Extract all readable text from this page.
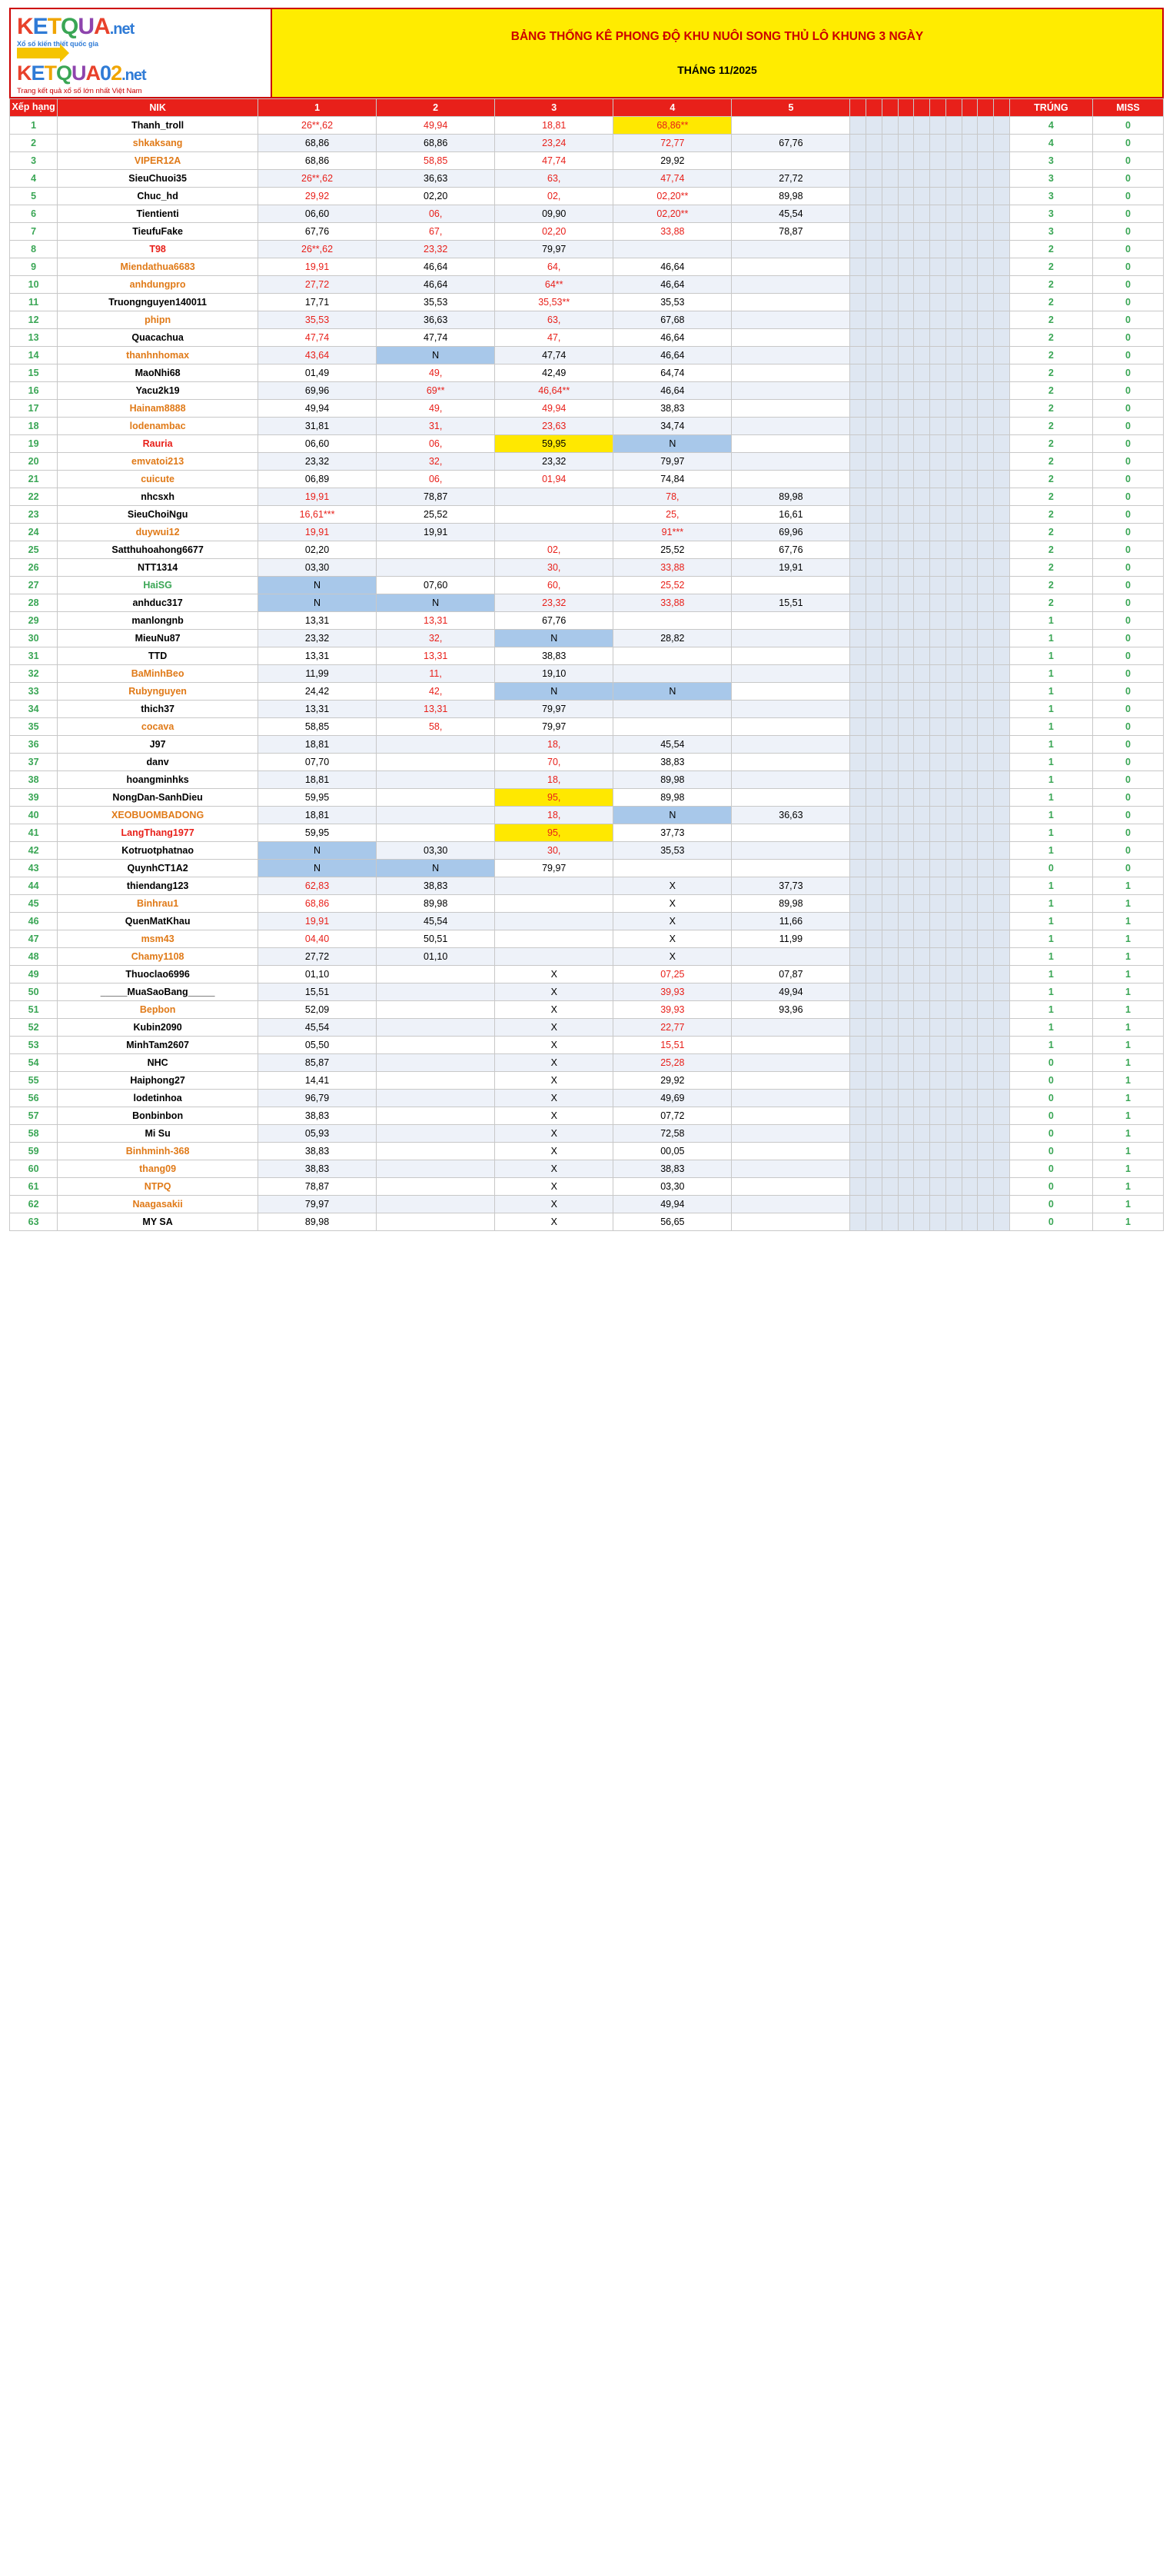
KETQUA.net
Xổ số kiến thiết quốc gia
KETQUA02.net
Trang kết quả xổ số lớn nhất Việt Nam
BẢNG THỐNG KÊ PHONG ĐỘ KHU NUÔI SONG THỦ LÔ KHUNG 3 NGÀY
THÁNG 11/2025
Xếp hạng	NIK	1	2	3	4	5											TRÚNG	MISS
1	Thanh_troll	26**,62	49,94	18,81	68,86**												4	0
2	shkaksang	68,86	68,86	23,24	72,77	67,76											4	0
3	VIPER12A	68,86	58,85	47,74	29,92												3	0
4	SieuChuoi35	26**,62	36,63	63,	47,74	27,72											3	0
5	Chuc_hd	29,92	02,20	02,	02,20**	89,98											3	0
6	Tientienti	06,60	06,	09,90	02,20**	45,54											3	0
7	TieufuFake	67,76	67,	02,20	33,88	78,87											3	0
8	T98	26**,62	23,32	79,97													2	0
9	Miendathua6683	19,91	46,64	64,	46,64												2	0
10	anhdungpro	27,72	46,64	64**	46,64												2	0
11	Truongnguyen140011	17,71	35,53	35,53**	35,53												2	0
12	phipn	35,53	36,63	63,	67,68												2	0
13	Quacachua	47,74	47,74	47,	46,64												2	0
14	thanhnhomax	43,64	N	47,74	46,64												2	0
15	MaoNhi68	01,49	49,	42,49	64,74												2	0
16	Yacu2k19	69,96	69**	46,64**	46,64												2	0
17	Hainam8888	49,94	49,	49,94	38,83												2	0
18	lodenambac	31,81	31,	23,63	34,74												2	0
19	Rauria	06,60	06,	59,95	N												2	0
20	emvatoi213	23,32	32,	23,32	79,97												2	0
21	cuicute	06,89	06,	01,94	74,84												2	0
22	nhcsxh	19,91	78,87		78,	89,98											2	0
23	SieuChoiNgu	16,61***	25,52		25,	16,61											2	0
24	duywui12	19,91	19,91		91***	69,96											2	0
25	Satthuhoahong6677	02,20		02,	25,52	67,76											2	0
26	NTT1314	03,30		30,	33,88	19,91											2	0
27	HaiSG	N	07,60	60,	25,52												2	0
28	anhduc317	N	N	23,32	33,88	15,51											2	0
29	manlongnb	13,31	13,31	67,76													1	0
30	MieuNu87	23,32	32,	N	28,82												1	0
31	TTD	13,31	13,31	38,83													1	0
32	BaMinhBeo	11,99	11,	19,10													1	0
33	Rubynguyen	24,42	42,	N	N												1	0
34	thich37	13,31	13,31	79,97													1	0
35	cocava	58,85	58,	79,97													1	0
36	J97	18,81		18,	45,54												1	0
37	danv	07,70		70,	38,83												1	0
38	hoangminhks	18,81		18,	89,98												1	0
39	NongDan-SanhDieu	59,95		95,	89,98												1	0
40	XEOBUOMBADONG	18,81		18,	N	36,63											1	0
41	LangThang1977	59,95		95,	37,73												1	0
42	Kotruotphatnao	N	03,30	30,	35,53												1	0
43	QuynhCT1A2	N	N	79,97													0	0
44	thiendang123	62,83	38,83		X	37,73											1	1
45	Binhrau1	68,86	89,98		X	89,98											1	1
46	QuenMatKhau	19,91	45,54		X	11,66											1	1
47	msm43	04,40	50,51		X	11,99											1	1
48	Chamy1108	27,72	01,10		X												1	1
49	Thuoclao6996	01,10		X	07,25	07,87											1	1
50	_____MuaSaoBang_____	15,51		X	39,93	49,94											1	1
51	Bepbon	52,09		X	39,93	93,96											1	1
52	Kubin2090	45,54		X	22,77												1	1
53	MinhTam2607	05,50		X	15,51												1	1
54	NHC	85,87		X	25,28												0	1
55	Haiphong27	14,41		X	29,92												0	1
56	lodetinhoa	96,79		X	49,69												0	1
57	Bonbinbon	38,83		X	07,72												0	1
58	Mi Su	05,93		X	72,58												0	1
59	Binhminh-368	38,83		X	00,05												0	1
60	thang09	38,83		X	38,83												0	1
61	NTPQ	78,87		X	03,30												0	1
62	Naagasakii	79,97		X	49,94												0	1
63	MY SA	89,98		X	56,65												0	1
